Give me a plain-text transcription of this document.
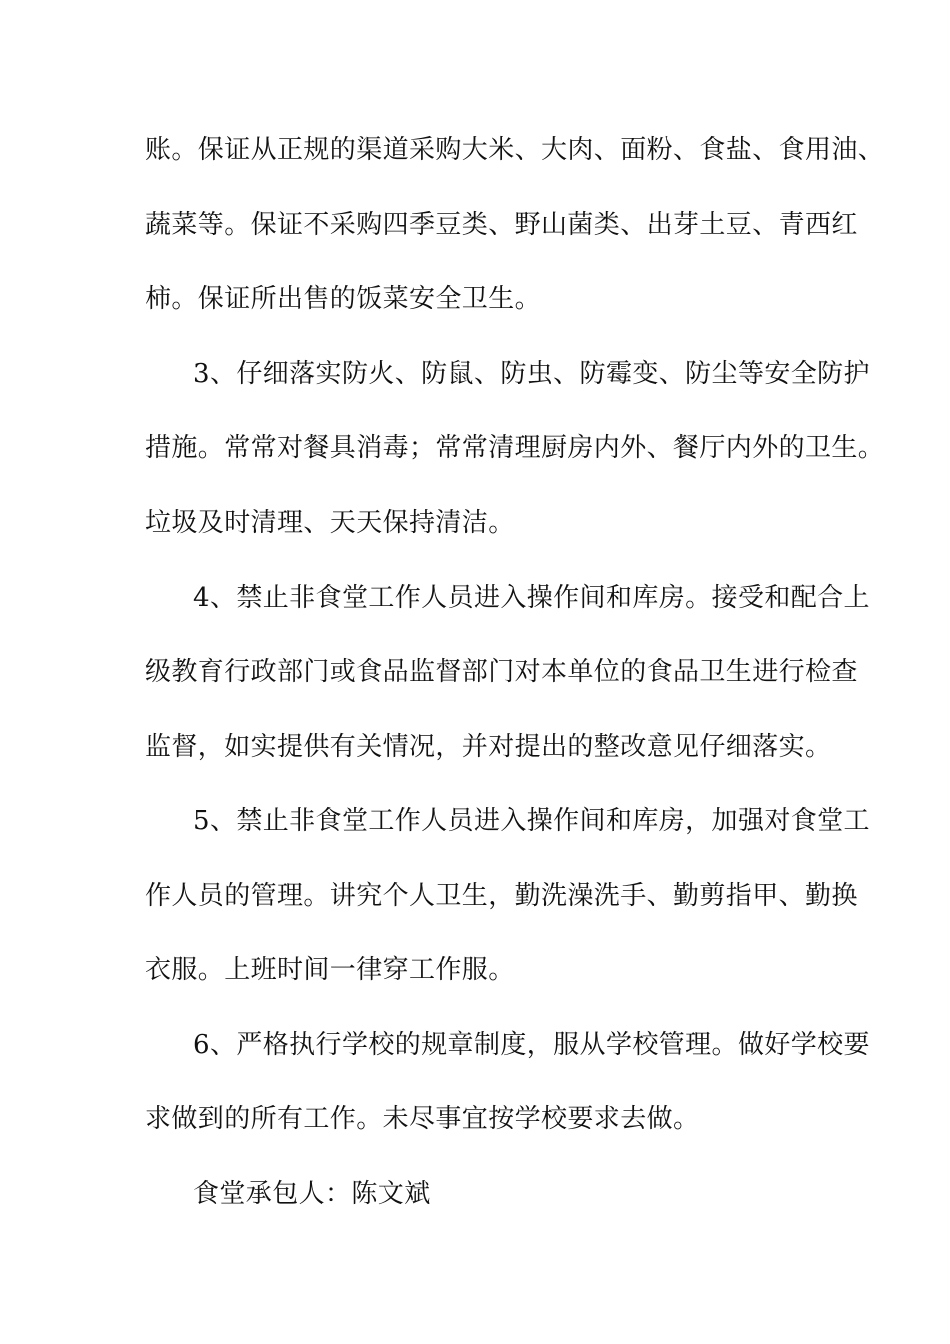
账。保证从正规的渠道采购大米、大肉、面粉、食盐、食用油、
蔬菜等。保证不采购四季豆类、野山菌类、出芽土豆、青西红
柿。保证所出售的饭菜安全卫生。
3、仔细落实防火、防鼠、防虫、防霉变、防尘等安全防护
措施。常常对餐具消毒；常常清理厨房内外、餐厅内外的卫生。
垃圾及时清理、天天保持清洁。
4、禁止非食堂工作人员进入操作间和库房。接受和配合上
级教育行政部门或食品监督部门对本单位的食品卫生进行检查
监督，如实提供有关情况，并对提出的整改意见仔细落实。
5、禁止非食堂工作人员进入操作间和库房，加强对食堂工
作人员的管理。讲究个人卫生，勤洗澡洗手、勤剪指甲、勤换
衣服。上班时间一律穿工作服。
6、严格执行学校的规章制度，服从学校管理。做好学校要
求做到的所有工作。未尽事宜按学校要求去做。
食堂承包人：陈文斌
